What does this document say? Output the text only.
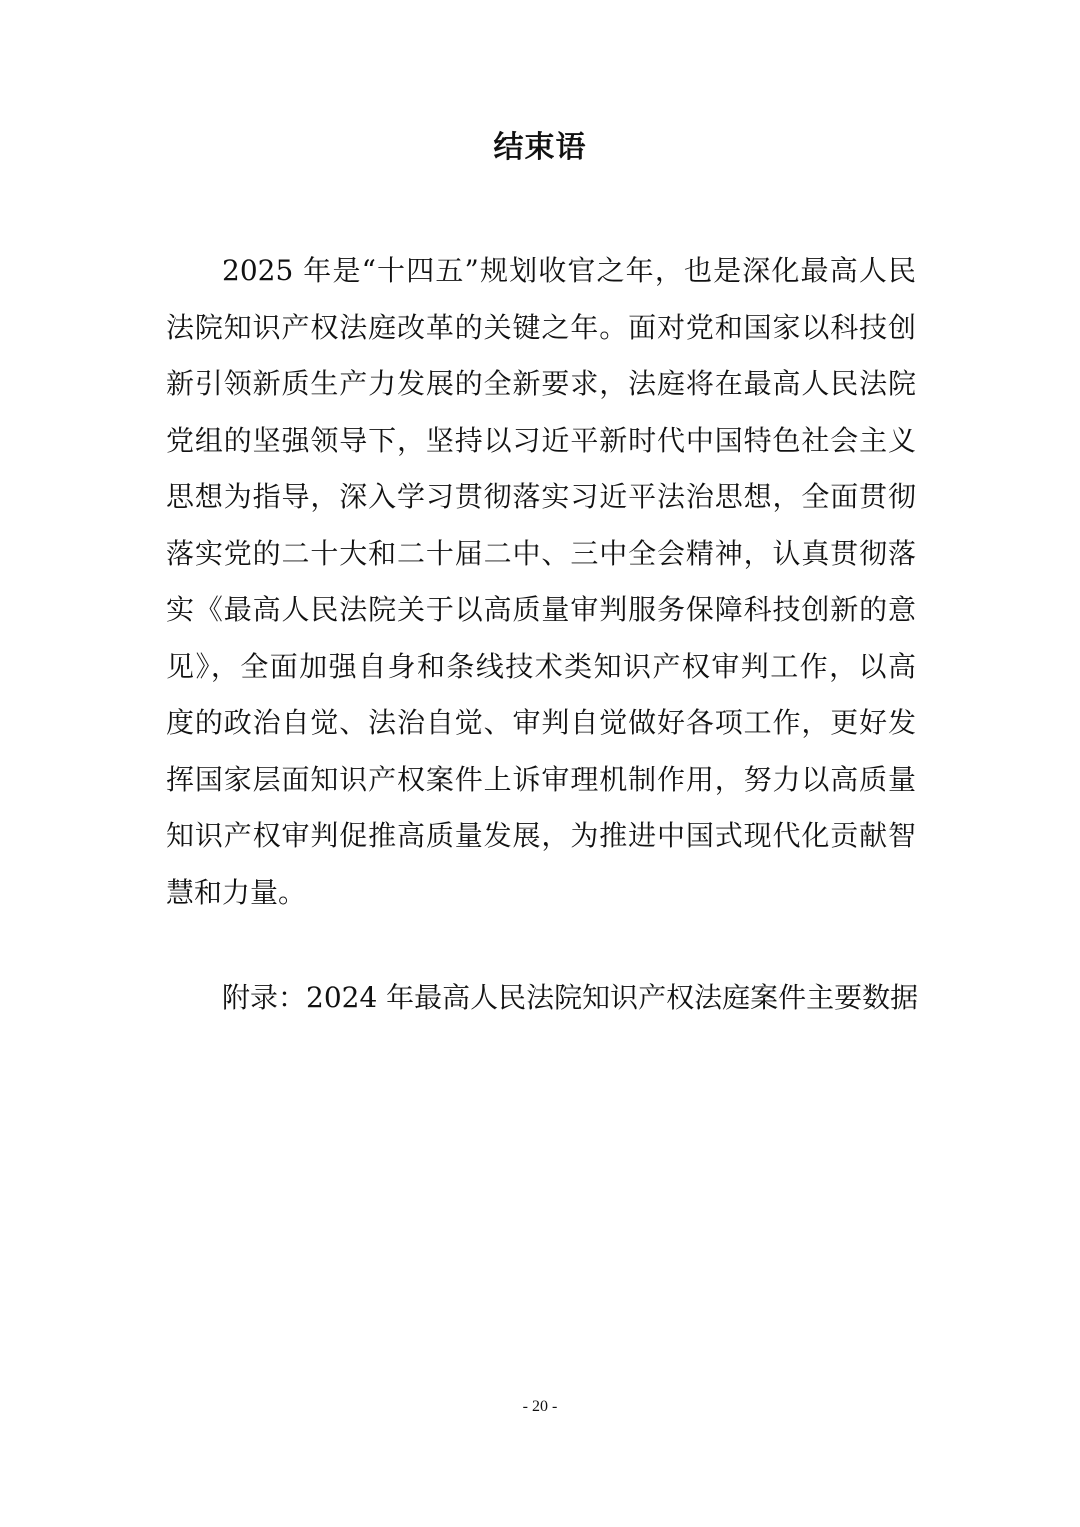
结束语
2025 年是“十四五”规划收官之年，也是深化最高人民
法院知识产权法庭改革的关键之年。面对党和国家以科技创
新引领新质生产力发展的全新要求，法庭将在最高人民法院
党组的坚强领导下，坚持以习近平新时代中国特色社会主义
思想为指导，深入学习贯彻落实习近平法治思想，全面贯彻
落实党的二十大和二十届二中、三中全会精神，认真贯彻落
实《最高人民法院关于以高质量审判服务保障科技创新的意
见》，全面加强自身和条线技术类知识产权审判工作，以高
度的政治自觉、法治自觉、审判自觉做好各项工作，更好发
挥国家层面知识产权案件上诉审理机制作用，努力以高质量
知识产权审判促推高质量发展，为推进中国式现代化贡献智
慧和力量。
附录：2024 年最高人民法院知识产权法庭案件主要数据
- 20 -
